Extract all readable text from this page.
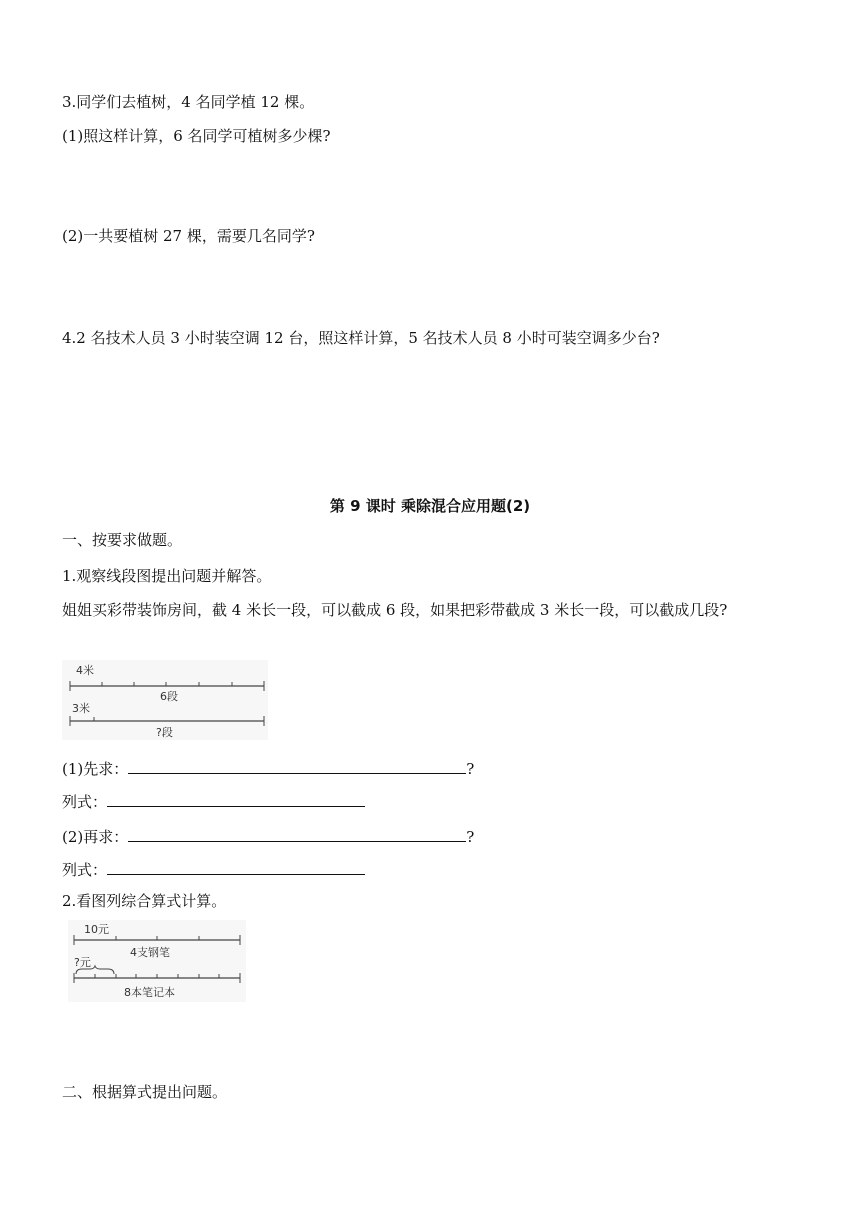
3.同学们去植树，4 名同学植 12 棵。
(1)照这样计算，6 名同学可植树多少棵?
(2)一共要植树 27 棵，需要几名同学?
4.2 名技术人员 3 小时装空调 12 台，照这样计算，5 名技术人员 8 小时可装空调多少台?
第 9 课时 乘除混合应用题(2)
一、按要求做题。
1.观察线段图提出问题并解答。
姐姐买彩带装饰房间，截 4 米长一段，可以截成 6 段，如果把彩带截成 3 米长一段，可以截成几段?
4米
6段
3米
?段
(1)先求：	?
列式：
(2)再求：	?
列式：
2.看图列综合算式计算。
10元
4支钢笔
?元
8本笔记本
二、根据算式提出问题。
